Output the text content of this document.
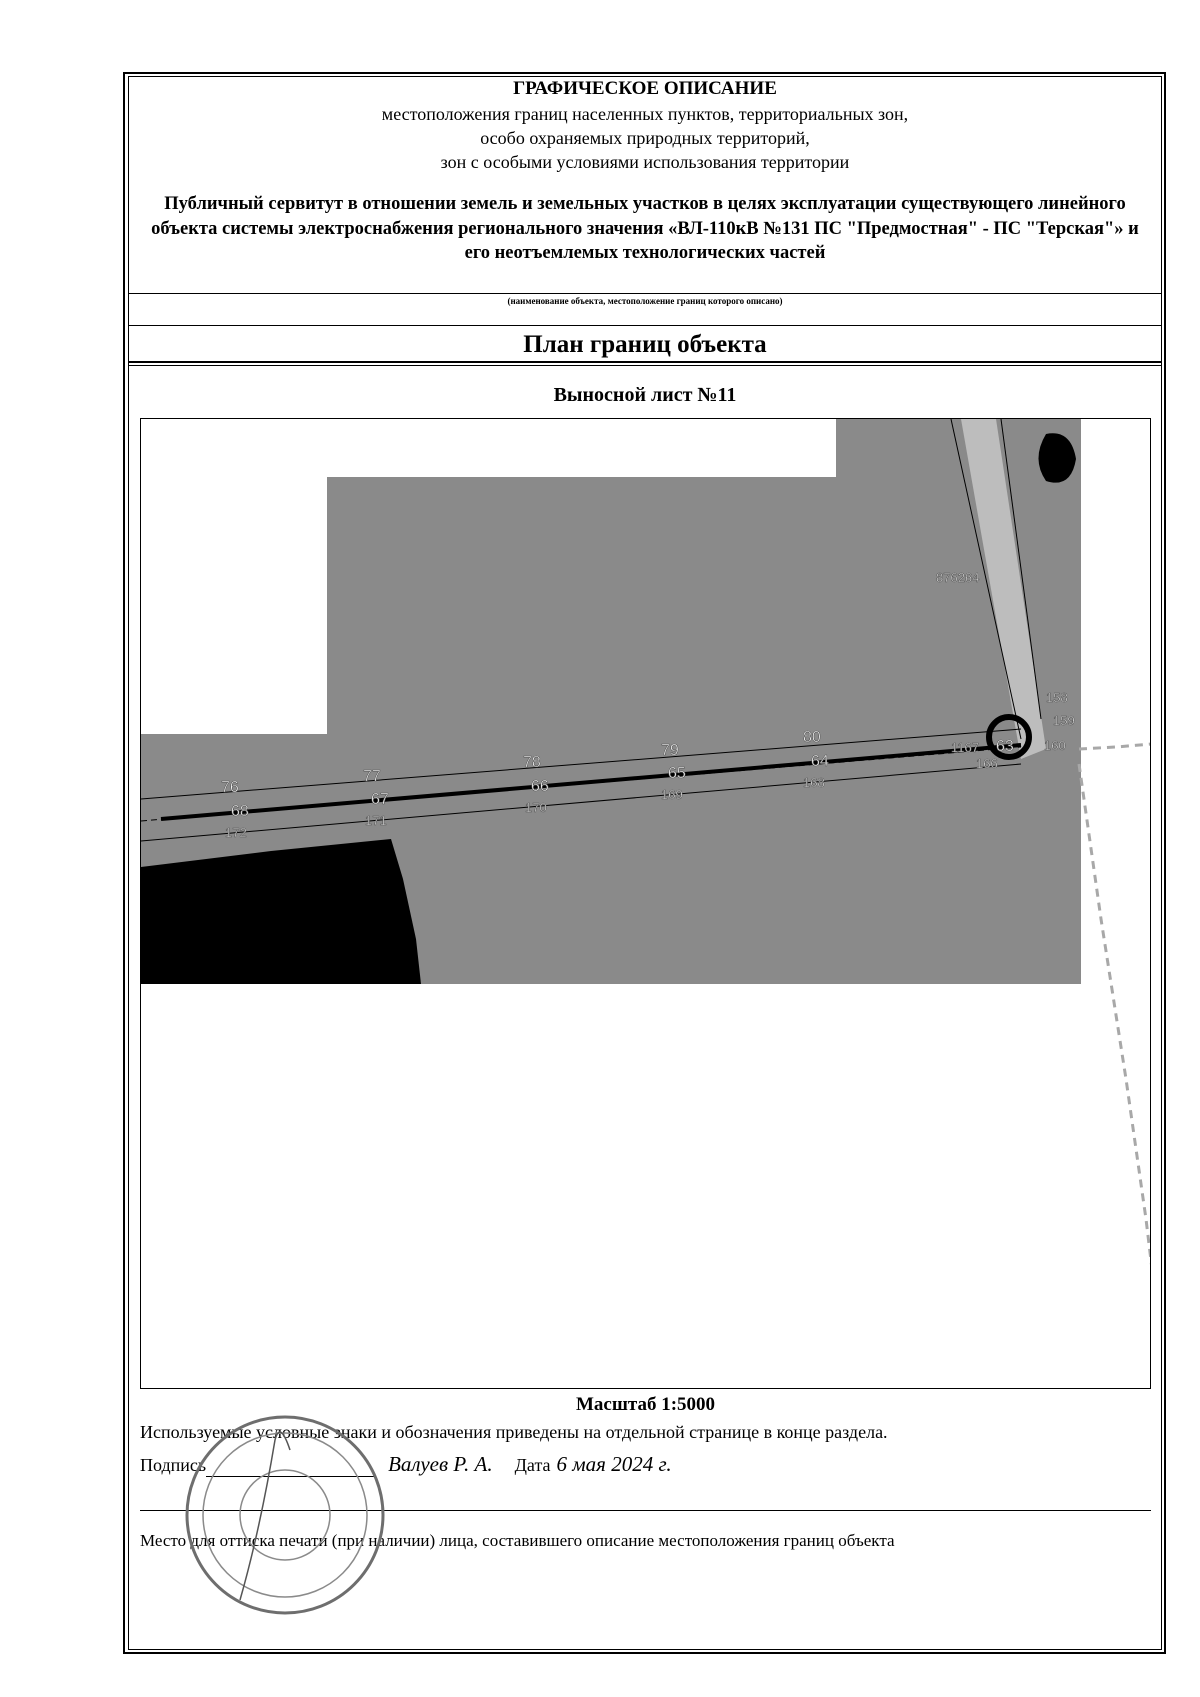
ГРАФИЧЕСКОЕ ОПИСАНИЕ
местоположения границ населенных пунктов, территориальных зон,
особо охраняемых природных территорий,
зон с особыми условиями использования территории
Публичный сервитут в отношении земель и земельных участков в целях эксплуатации существующего линейного объекта системы электроснабжения регионального значения «ВЛ-110кВ №131 ПС "Предмостная" - ПС "Терская"» и его неотъемлемых технологических частей
(наименование объекта, местоположение границ которого описано)
План границ объекта
Выносной лист №11
76
68
172
77
67
171
78
66
170
79
65
169
80
64
168
876264
63
158
159
160
1167
166
Масштаб 1:5000
Используемые условные знаки и обозначения приведены на отдельной странице в конце раздела.
Подпись	Валуев Р. А. Дата 6 мая 2024 г.
Место для оттиска печати (при наличии) лица, составившего описание местоположения границ объекта
